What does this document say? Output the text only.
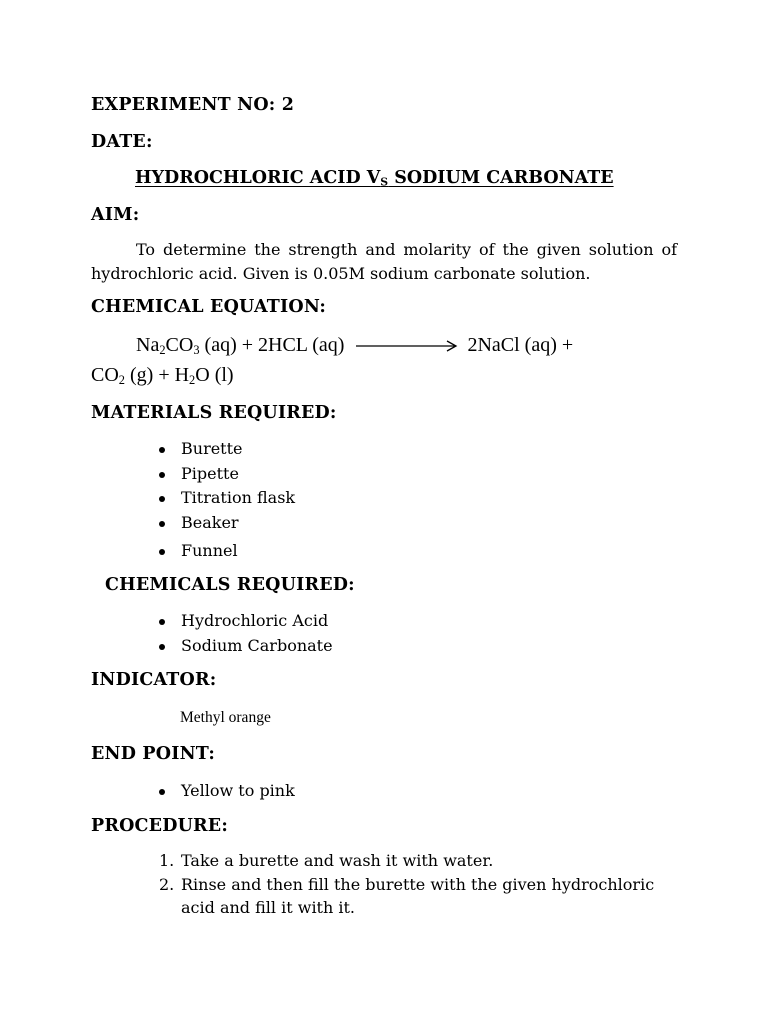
EXPERIMENT NO: 2
DATE:
HYDROCHLORIC ACID $V_S$ SODIUM CARBONATE
AIM:
To determine the strength and molarity of the given solution of
hydrochloric acid. Given is 0.05M sodium carbonate solution.
CHEMICAL EQUATION:
$Na_2CO_3$ (aq) + 2HCL (aq)	2NaCl (aq) +
$CO_2$ $(g) + H_2O$ (l)
MATERIALS REQUIRED:
Burette
Pipette
Titration flask
Beaker
Funnel
CHEMICALS REQUIRED:
Hydrochloric Acid
Sodium Carbonate
INDICATOR:
Methyl orange
END POINT:
Yellow to pink
PROCEDURE:
1. Take a burette and wash it with water.
2. Rinse and then fill the burette with the given hydrochloric acid and fill it with it.
